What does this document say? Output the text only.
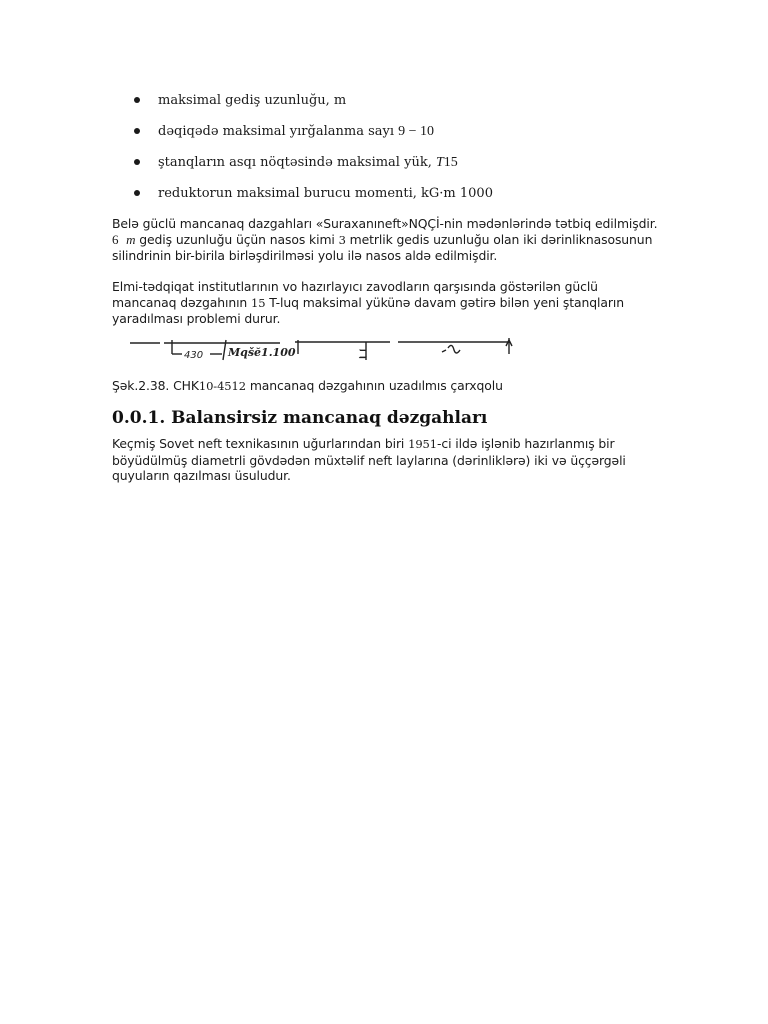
maksimal gediş uzunluğu, m
dəqiqədə maksimal yırğalanma sayı 9 − 10
ştanqların asqı nöqtəsində maksimal yük, T15
reduktorun maksimal burucu momenti, kG·m 1000

Belə güclü mancanaq dazgahları «Suraxanıneft»NQÇİ-nin mədənlərində tətbiq edilmişdir. 6 m gediş uzunluğu üçün nasos kimi 3 metrlik gedis uzunluğu olan iki dərinliknasosunun silindrinin bir-birila birləşdirilməsi yolu ilə nasos aldə edilmişdir.

Elmi-tədqiqat institutlarının vo hazırlayıcı zavodların qarşısında göstərilən güclü mancanaq dəzgahının 15 T-luq maksimal yükünə davam gətirə bilən yeni ştanqların yaradılması problemi durur.

430 Mqšĕ1.100	ℶ

Şək.2.38. CHK10-4512 mancanaq dəzgahının uzadılmıs çarxqolu

0.0.1. Balansirsiz mancanaq dəzgahları

Keçmiş Sovet neft texnikasının uğurlarından biri 1951-ci ildə işlənib hazırlanmış bir böyüdülmüş diametrli gövdədən müxtəlif neft laylarına (dərinliklərə) iki və üççərgəli quyuların qazılması üsuludur.
